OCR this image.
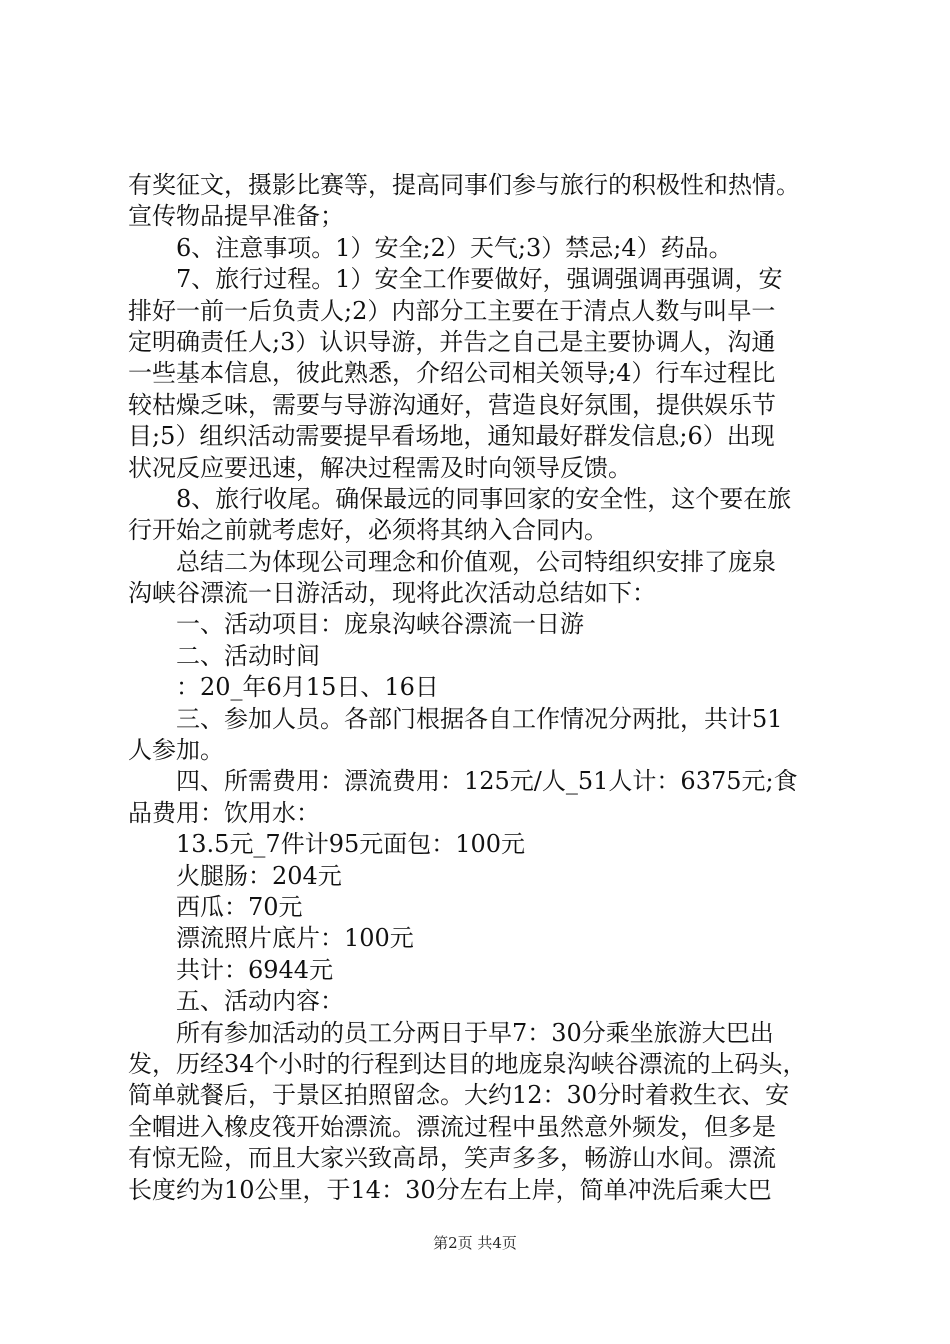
有奖征文，摄影比赛等，提高同事们参与旅行的积极性和热情。
宣传物品提早准备；
6、注意事项。1）安全;2）天气;3）禁忌;4）药品。
7、旅行过程。1）安全工作要做好，强调强调再强调，安
排好一前一后负责人;2）内部分工主要在于清点人数与叫早一
定明确责任人;3）认识导游，并告之自己是主要协调人，沟通
一些基本信息，彼此熟悉，介绍公司相关领导;4）行车过程比
较枯燥乏味，需要与导游沟通好，营造良好氛围，提供娱乐节
目;5）组织活动需要提早看场地，通知最好群发信息;6）出现
状况反应要迅速，解决过程需及时向领导反馈。
8、旅行收尾。确保最远的同事回家的安全性，这个要在旅
行开始之前就考虑好，必须将其纳入合同内。
总结二为体现公司理念和价值观，公司特组织安排了庞泉
沟峡谷漂流一日游活动，现将此次活动总结如下：
一、活动项目：庞泉沟峡谷漂流一日游
二、活动时间
：20_年6月15日、16日
三、参加人员。各部门根据各自工作情况分两批，共计51
人参加。
四、所需费用：漂流费用：125元/人_51人计：6375元;食
品费用：饮用水：
13.5元_7件计95元面包：100元
火腿肠：204元
西瓜：70元
漂流照片底片：100元
共计：6944元
五、活动内容：
所有参加活动的员工分两日于早7：30分乘坐旅游大巴出
发，历经34个小时的行程到达目的地庞泉沟峡谷漂流的上码头，
简单就餐后，于景区拍照留念。大约12：30分时着救生衣、安
全帽进入橡皮筏开始漂流。漂流过程中虽然意外频发，但多是
有惊无险，而且大家兴致高昂，笑声多多，畅游山水间。漂流
长度约为10公里，于14：30分左右上岸，简单冲洗后乘大巴
第2页 共4页
